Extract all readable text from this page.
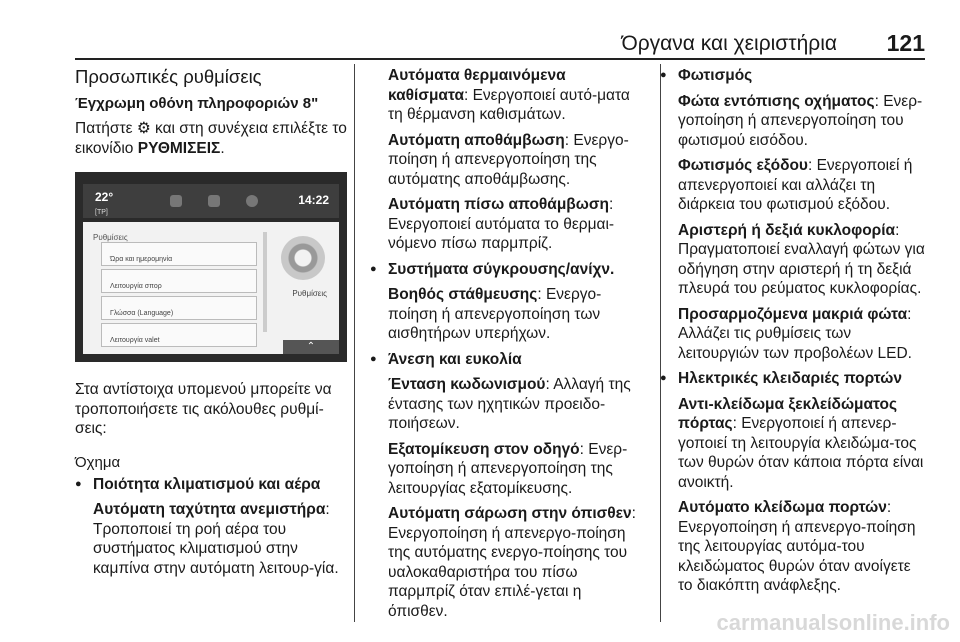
Όργανα και χειριστήρια 121
Προσωπικές ρυθμίσεις
Έγχρωμη οθόνη πληροφοριών 8"

Πατήστε ⚙ και στη συνέχεια επιλέξτε το εικονίδιο ΡΥΘΜΙΣΕΙΣ.

22°
[TP]
14:22
Ρυθμίσεις
Ώρα και ημερομηνία
Λειτουργία σπορ
Γλώσσα (Language)
Λειτουργία valet
Ρυθμίσεις
⌃

Στα αντίστοιχα υπομενού μπορείτε να τροποποιήσετε τις ακόλουθες ρυθμί-σεις:

Όχημα
● Ποιότητα κλιματισμού και αέρα
Αυτόματη ταχύτητα ανεμιστήρα: Τροποποιεί τη ροή αέρα του συστήματος κλιματισμού στην καμπίνα στην αυτόματη λειτουρ-γία.

Αυτόματα θερμαινόμενα καθίσματα: Ενεργοποιεί αυτό-ματα τη θέρμανση καθισμάτων.

Αυτόματη αποθάμβωση: Ενεργο-ποίηση ή απενεργοποίηση της αυτόματης αποθάμβωσης.

Αυτόματη πίσω αποθάμβωση: Ενεργοποιεί αυτόματα το θερμαι-νόμενο πίσω παρμπρίζ.

● Συστήματα σύγκρουσης/ανίχν.

Βοηθός στάθμευσης: Ενεργο-ποίηση ή απενεργοποίηση των αισθητήρων υπερήχων.

● Άνεση και ευκολία

Ένταση κωδωνισμού: Αλλαγή της έντασης των ηχητικών προειδο-ποιήσεων.

Εξατομίκευση στον οδηγό: Ενερ-γοποίηση ή απενεργοποίηση της λειτουργίας εξατομίκευσης.

Αυτόματη σάρωση στην όπισθεν: Ενεργοποίηση ή απενεργο-ποίηση της αυτόματης ενεργο-ποίησης του υαλοκαθαριστήρα του πίσω παρμπρίζ όταν επιλέ-γεται η όπισθεν.

● Φωτισμός

Φώτα εντόπισης οχήματος: Ενερ-γοποίηση ή απενεργοποίηση του φωτισμού εισόδου.

Φωτισμός εξόδου: Ενεργοποιεί ή απενεργοποιεί και αλλάζει τη διάρκεια του φωτισμού εξόδου.

Αριστερή ή δεξιά κυκλοφορία: Πραγματοποιεί εναλλαγή φώτων για οδήγηση στην αριστερή ή τη δεξιά πλευρά του ρεύματος κυκλοφορίας.

Προσαρμοζόμενα μακριά φώτα: Αλλάζει τις ρυθμίσεις των λειτουργιών των προβολέων LED.

● Ηλεκτρικές κλειδαριές πορτών

Αντι-κλείδωμα ξεκλείδώματος πόρτας: Ενεργοποιεί ή απενερ-γοποιεί τη λειτουργία κλειδώμα-τος των θυρών όταν κάποια πόρτα είναι ανοικτή.

Αυτόματο κλείδωμα πορτών: Ενεργοποίηση ή απενεργο-ποίηση της λειτουργίας αυτόμα-του κλειδώματος θυρών όταν ανοίγετε το διακόπτη ανάφλεξης.

carmanualsonline.info
